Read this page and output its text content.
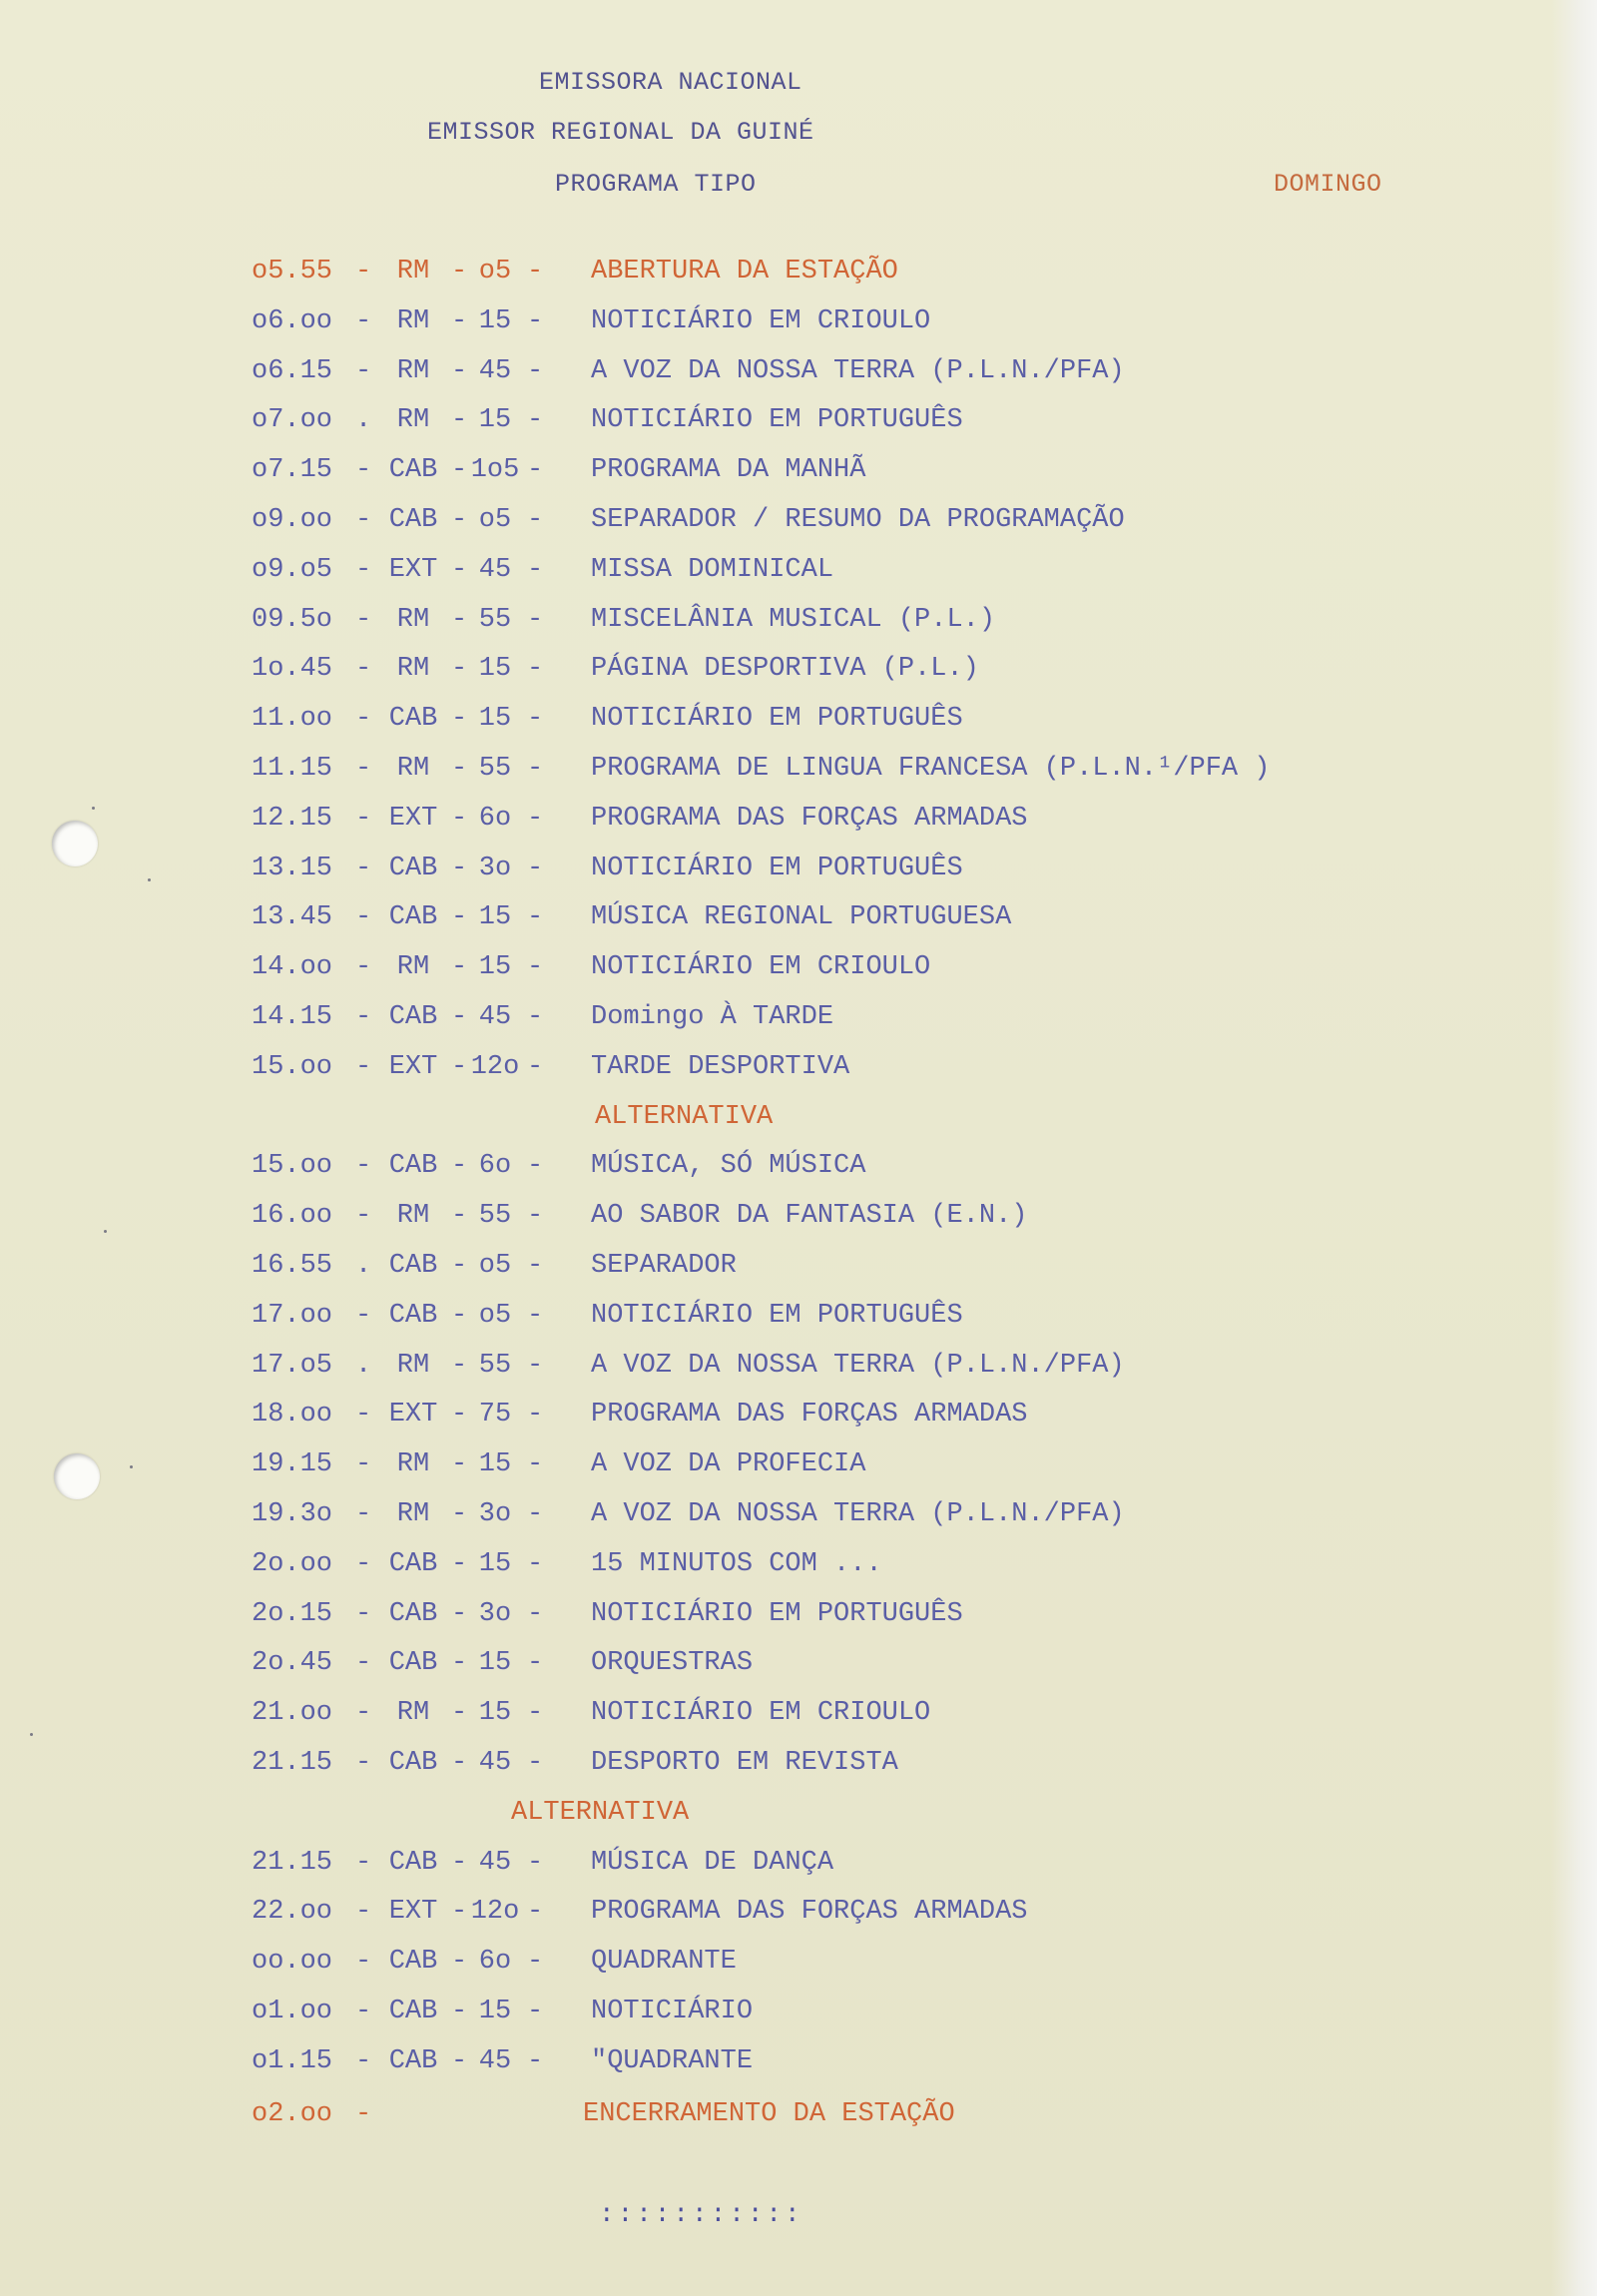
EMISSORA NACIONAL
EMISSOR REGIONAL DA GUINÉ
PROGRAMA TIPO	DOMINGO
o5.55 - RM - o5 - ABERTURA DA ESTAÇÃO
o6.oo - RM - 15 - NOTICIÁRIO EM CRIOULO
o6.15 - RM - 45 - A VOZ DA NOSSA TERRA (P.L.N./PFA)
o7.oo . RM - 15 - NOTICIÁRIO EM PORTUGUÊS
o7.15 - CAB - 1o5 - PROGRAMA DA MANHÃ
o9.oo - CAB - o5 - SEPARADOR / RESUMO DA PROGRAMAÇÃO
o9.o5 - EXT - 45 - MISSA DOMINICAL
09.5o - RM - 55 - MISCELÂNIA MUSICAL (P.L.)
1o.45 - RM - 15 - PÁGINA DESPORTIVA (P.L.)
11.oo - CAB - 15 - NOTICIÁRIO EM PORTUGUÊS
11.15 - RM - 55 - PROGRAMA DE LINGUA FRANCESA (P.L.N.¹/PFA )
12.15 - EXT - 6o - PROGRAMA DAS FORÇAS ARMADAS
13.15 - CAB - 3o - NOTICIÁRIO EM PORTUGUÊS
13.45 - CAB - 15 - MÚSICA REGIONAL PORTUGUESA
14.oo - RM - 15 - NOTICIÁRIO EM CRIOULO
14.15 - CAB - 45 - Domingo À TARDE
15.oo - EXT - 12o - TARDE DESPORTIVA
ALTERNATIVA
15.oo - CAB - 6o - MÚSICA, SÓ MÚSICA
16.oo - RM - 55 - AO SABOR DA FANTASIA (E.N.)
16.55 . CAB - o5 - SEPARADOR
17.oo - CAB - o5 - NOTICIÁRIO EM PORTUGUÊS
17.o5 . RM - 55 - A VOZ DA NOSSA TERRA (P.L.N./PFA)
18.oo - EXT - 75 - PROGRAMA DAS FORÇAS ARMADAS
19.15 - RM - 15 - A VOZ DA PROFECIA
19.3o - RM - 3o - A VOZ DA NOSSA TERRA (P.L.N./PFA)
2o.oo - CAB - 15 - 15 MINUTOS COM ...
2o.15 - CAB - 3o - NOTICIÁRIO EM PORTUGUÊS
2o.45 - CAB - 15 - ORQUESTRAS
21.oo - RM - 15 - NOTICIÁRIO EM CRIOULO
21.15 - CAB - 45 - DESPORTO EM REVISTA
ALTERNATIVA
21.15 - CAB - 45 - MÚSICA DE DANÇA
22.oo - EXT - 12o - PROGRAMA DAS FORÇAS ARMADAS
oo.oo - CAB - 6o - QUADRANTE
o1.oo - CAB - 15 - NOTICIÁRIO
o1.15 - CAB - 45 - "QUADRANTE
o2.oo -	ENCERRAMENTO DA ESTAÇÃO
:::::::::::
